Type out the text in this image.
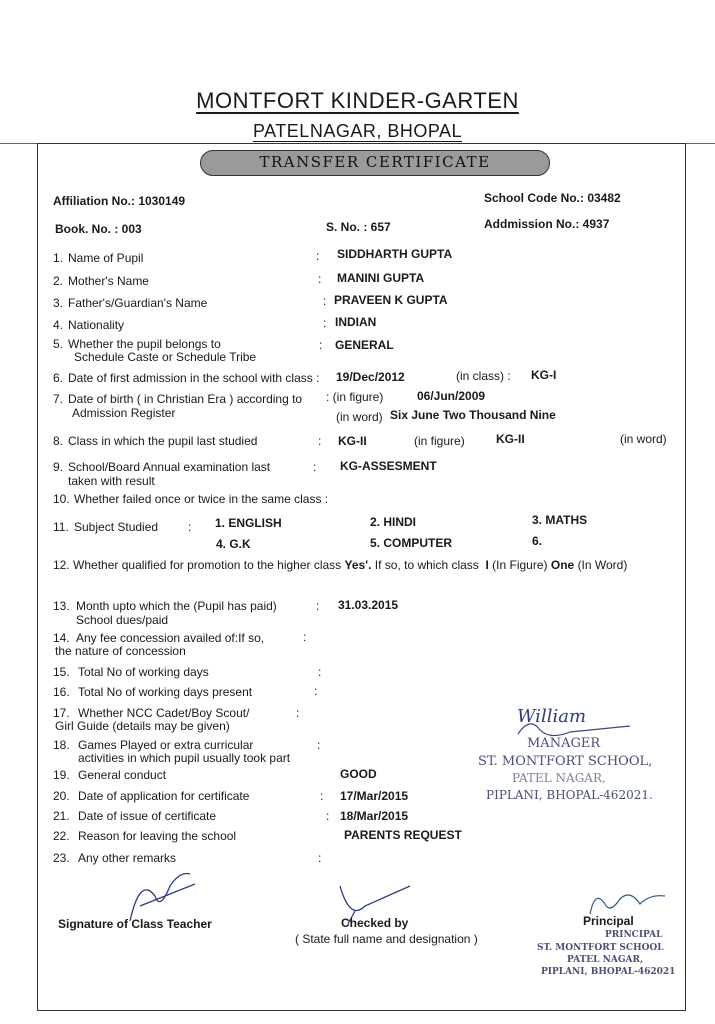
MONTFORT KINDER-GARTEN
PATELNAGAR, BHOPAL
TRANSFER CERTIFICATE
Affiliation No.: 1030149	School Code No.: 03482
Book. No. : 003	S. No. : 657	Addmission No.: 4937
1. Name of Pupil	: SIDDHARTH GUPTA
2. Mother's Name	: MANINI GUPTA
3. Father's/Guardian's Name	: PRAVEEN K GUPTA
4. Nationality	: INDIAN
5. Whether the pupil belongs to
Schedule Caste or Schedule Tribe
: GENERAL
6. Date of first admission in the school with class : 19/Dec/2012	(in class) : KG-I
7. Date of birth ( in Christian Era ) according to
Admission Register
: (in figure)	06/Jun/2009
(in word) Six June Two Thousand Nine
8. Class in which the pupil last studied	: KG-II	(in figure)	KG-II	(in word)
9. School/Board Annual examination last
taken with result
: KG-ASSESMENT
10. Whether failed once or twice in the same class :
11. Subject Studied : 1. ENGLISH	2. HINDI	3. MATHS
4. G.K	5. COMPUTER	6.
12. Whether qualified for promotion to the higher class Yes'. If so, to which class I (In Figure) One (In Word)
13. Month upto which the (Pupil has paid)
School dues/paid
: 31.03.2015
14. Any fee concession availed of:If so,
the nature of concession
:
15. Total No of working days	:
16. Total No of working days present	:
17. Whether NCC Cadet/Boy Scout/
Girl Guide (details may be given)
:
18. Games Played or extra curricular
activities in which pupil usually took part
:
19. General conduct	GOOD
20. Date of application for certificate	: 17/Mar/2015
21. Date of issue of certificate	: 18/Mar/2015
22. Reason for leaving the school	PARENTS REQUEST
23. Any other remarks	:
William
MANAGER
ST. MONTFORT SCHOOL,
PATEL NAGAR,
PIPLANI, BHOPAL-462021.
Signature of Class Teacher	Checked by
( State full name and designation )
Principal
PRINCIPAL
ST. MONTFORT SCHOOL
PATEL NAGAR,
PIPLANI, BHOPAL-462021
